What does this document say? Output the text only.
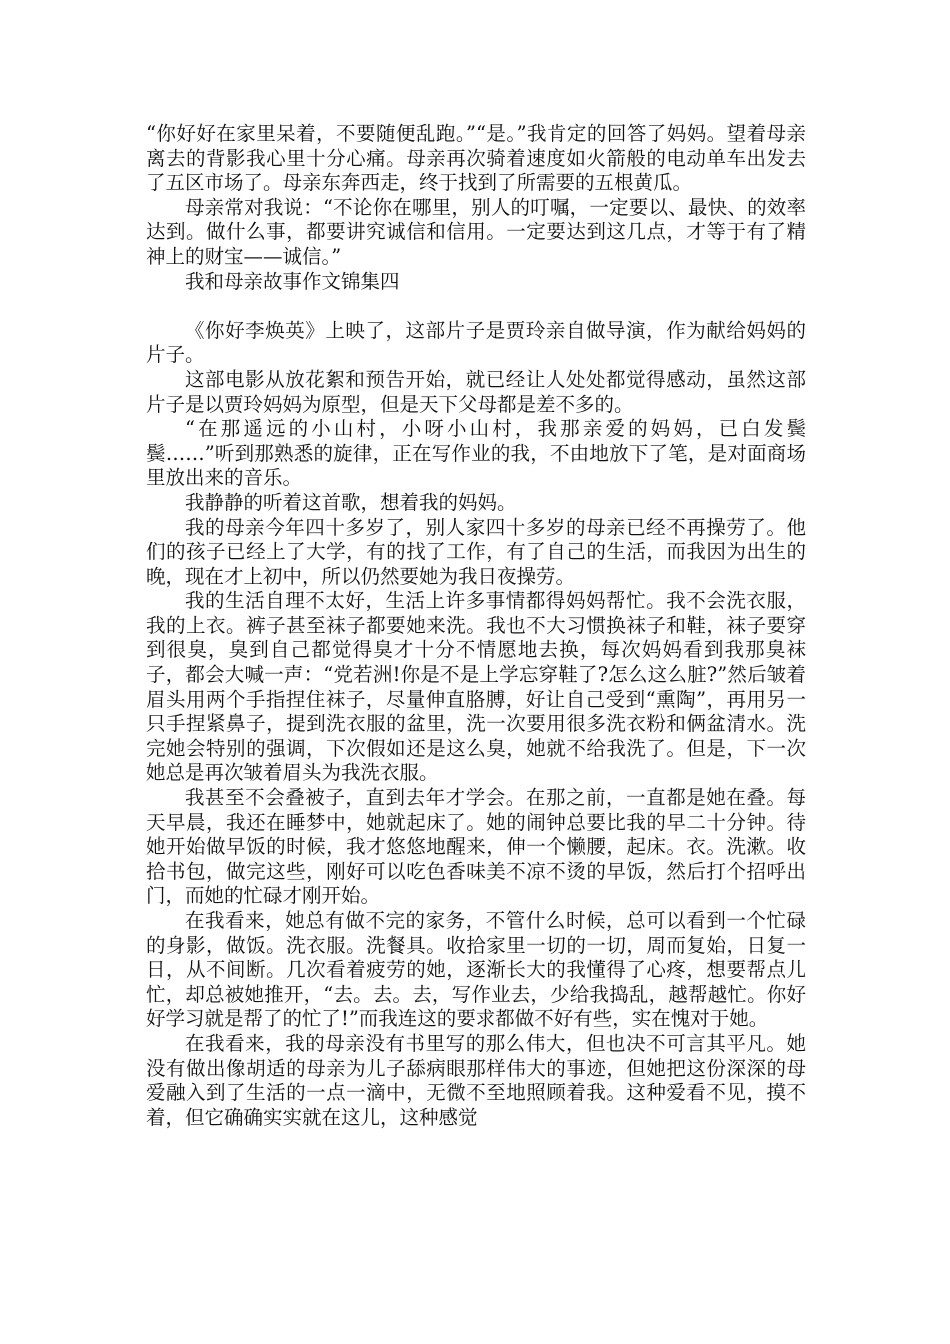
“你好好在家里呆着，不要随便乱跑。”“是。”我肯定的回答了妈妈。望着母亲离去的背影我心里十分心痛。母亲再次骑着速度如火箭般的电动单车出发去了五区市场了。母亲东奔西走，终于找到了所需要的五根黄瓜。

母亲常对我说：“不论你在哪里，别人的叮嘱，一定要以、最快、的效率达到。做什么事，都要讲究诚信和信用。一定要达到这几点，才等于有了精神上的财宝——诚信。”

我和母亲故事作文锦集四

《你好李焕英》上映了，这部片子是贾玲亲自做导演，作为献给妈妈的片子。

这部电影从放花絮和预告开始，就已经让人处处都觉得感动，虽然这部片子是以贾玲妈妈为原型，但是天下父母都是差不多的。

“在那遥远的小山村，小呀小山村，我那亲爱的妈妈，已白发鬓鬓……”听到那熟悉的旋律，正在写作业的我，不由地放下了笔，是对面商场里放出来的音乐。

我静静的听着这首歌，想着我的妈妈。

我的母亲今年四十多岁了，别人家四十多岁的母亲已经不再操劳了。他们的孩子已经上了大学，有的找了工作，有了自己的生活，而我因为出生的晚，现在才上初中，所以仍然要她为我日夜操劳。

我的生活自理不太好，生活上许多事情都得妈妈帮忙。我不会洗衣服，我的上衣。裤子甚至袜子都要她来洗。我也不大习惯换袜子和鞋，袜子要穿到很臭，臭到自己都觉得臭才十分不情愿地去换，每次妈妈看到我那臭袜子，都会大喊一声：“党若洲!你是不是上学忘穿鞋了?怎么这么脏?”然后皱着眉头用两个手指捏住袜子，尽量伸直胳膊，好让自己受到“熏陶”，再用另一只手捏紧鼻子，提到洗衣服的盆里，洗一次要用很多洗衣粉和俩盆清水。洗完她会特别的强调，下次假如还是这么臭，她就不给我洗了。但是，下一次她总是再次皱着眉头为我洗衣服。

我甚至不会叠被子，直到去年才学会。在那之前，一直都是她在叠。每天早晨，我还在睡梦中，她就起床了。她的闹钟总要比我的早二十分钟。待她开始做早饭的时候，我才悠悠地醒来，伸一个懒腰，起床。衣。洗漱。收拾书包，做完这些，刚好可以吃色香味美不凉不烫的早饭，然后打个招呼出门，而她的忙碌才刚开始。

在我看来，她总有做不完的家务，不管什么时候，总可以看到一个忙碌的身影，做饭。洗衣服。洗餐具。收拾家里一切的一切，周而复始，日复一日，从不间断。几次看着疲劳的她，逐渐长大的我懂得了心疼，想要帮点儿忙，却总被她推开，“去。去。去，写作业去，少给我捣乱，越帮越忙。你好好学习就是帮了的忙了!”而我连这的要求都做不好有些，实在愧对于她。

在我看来，我的母亲没有书里写的那么伟大，但也决不可言其平凡。她没有做出像胡适的母亲为儿子舔病眼那样伟大的事迹，但她把这份深深的母爱融入到了生活的一点一滴中，无微不至地照顾着我。这种爱看不见，摸不着，但它确确实实就在这儿，这种感觉
